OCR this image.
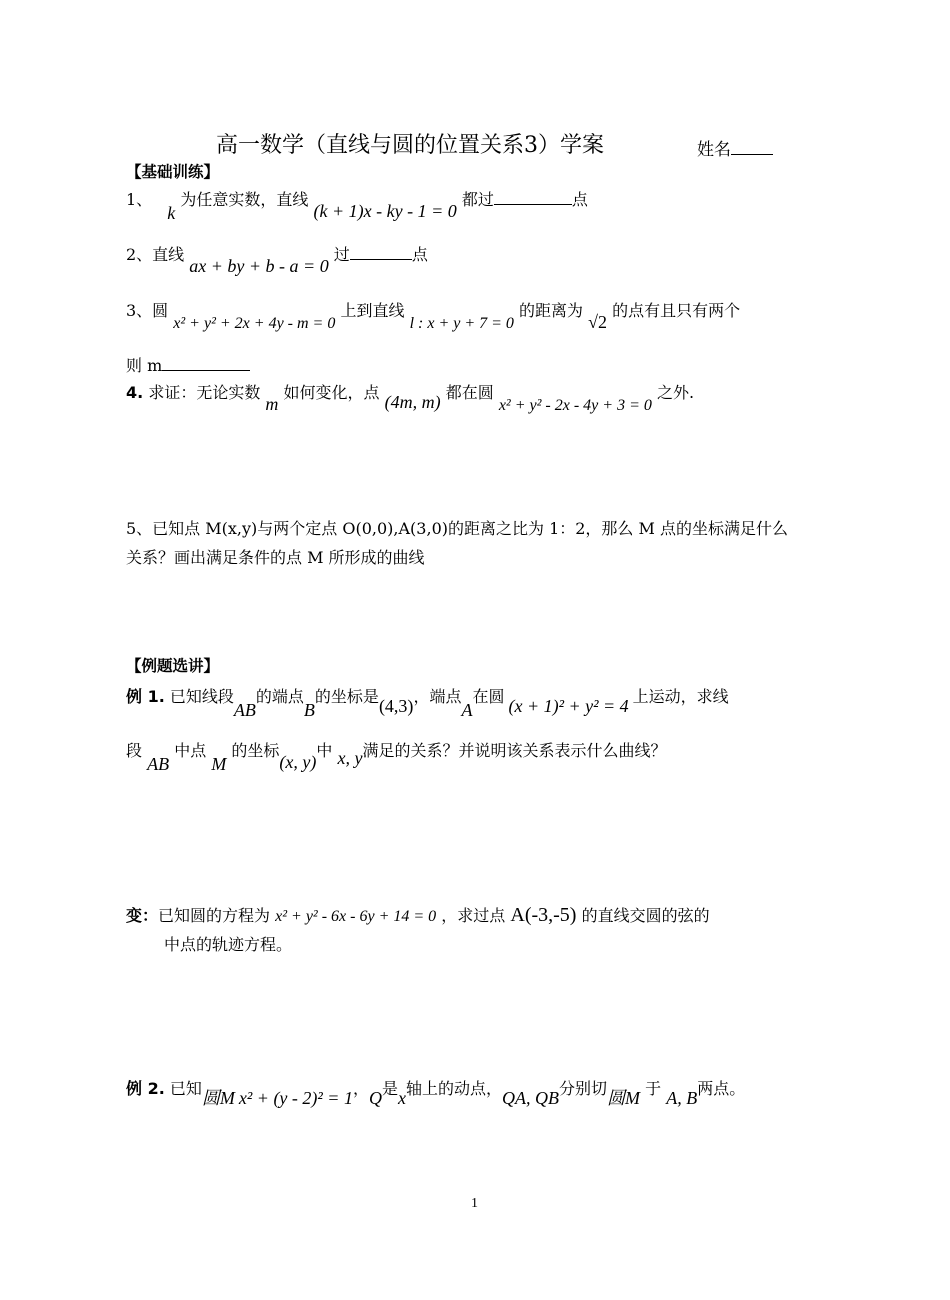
高一数学（直线与圆的位置关系3）学案	姓名
【基础训练】
1、 k 为任意实数，直线 (k + 1)x - ky - 1 = 0 都过	点
2、直线 ax + by + b - a = 0 过	点
3、圆 x² + y² + 2x + 4y - m = 0 上到直线 l : x + y + 7 = 0 的距离为 √2 的点有且只有两个
则 m
4. 求证：无论实数 m 如何变化，点 (4m, m) 都在圆 x² + y² - 2x - 4y + 3 = 0 之外.
5、已知点 M(x,y)与两个定点 O(0,0),A(3,0)的距离之比为 1：2，那么 M 点的坐标满足什么
关系？画出满足条件的点 M 所形成的曲线
【例题选讲】
例 1. 已知线段AB的端点B的坐标是(4,3)，端点A在圆 (x + 1)² + y² = 4 上运动，求线
段 AB 中点 M 的坐标(x, y)中 x, y满足的关系？并说明该关系表示什么曲线？
变：已知圆的方程为 x² + y² - 6x - 6y + 14 = 0 ，求过点 A(-3,-5) 的直线交圆的弦的
中点的轨迹方程。
例 2. 已知圆M x² + (y - 2)² = 1，Q是x轴上的动点，QA, QB分别切圆M 于 A, B两点。
1
